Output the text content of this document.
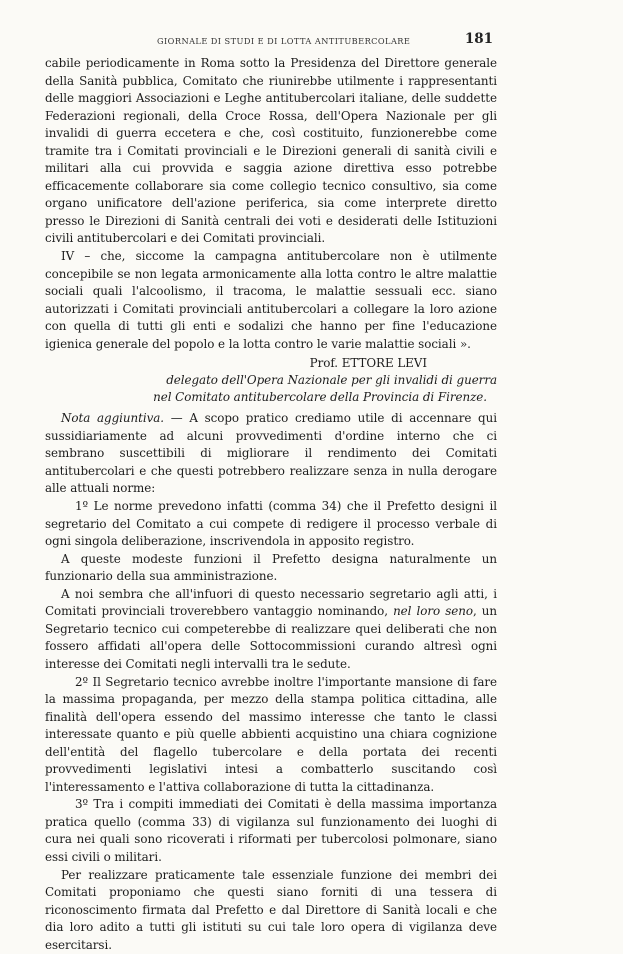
GIORNALE DI STUDI E DI LOTTA ANTITUBERCOLARE	181

cabile periodicamente in Roma sotto la Presidenza del Direttore generale della Sanità pubblica, Comitato che riunirebbe utilmente i rappresentanti delle maggiori Associazioni e Leghe antitubercolari italiane, delle suddette Federazioni regionali, della Croce Rossa, dell'Opera Nazionale per gli invalidi di guerra eccetera e che, così costituito, funzionerebbe come tramite tra i Comitati provinciali e le Direzioni generali di sanità civili e militari alla cui provvida e saggia azione direttiva esso potrebbe efficacemente collaborare sia come collegio tecnico consultivo, sia come organo unificatore dell'azione periferica, sia come interprete diretto presso le Direzioni di Sanità centrali dei voti e desiderati delle Istituzioni civili antitubercolari e dei Comitati provinciali.

IV – che, siccome la campagna antitubercolare non è utilmente concepibile se non legata armonicamente alla lotta contro le altre malattie sociali quali l'alcoolismo, il tracoma, le malattie sessuali ecc. siano autorizzati i Comitati provinciali antitubercolari a collegare la loro azione con quella di tutti gli enti e sodalizi che hanno per fine l'educazione igienica generale del popolo e la lotta contro le varie malattie sociali ».

Prof. ETTORE LEVI
delegato dell'Opera Nazionale per gli invalidi di guerra
nel Comitato antitubercolare della Provincia di Firenze.

Nota aggiuntiva. — A scopo pratico crediamo utile di accennare qui sussidiariamente ad alcuni provvedimenti d'ordine interno che ci sembrano suscettibili di migliorare il rendimento dei Comitati antitubercolari e che questi potrebbero realizzare senza in nulla derogare alle attuali norme:

1º Le norme prevedono infatti (comma 34) che il Prefetto designi il segretario del Comitato a cui compete di redigere il processo verbale di ogni singola deliberazione, inscrivendola in apposito registro.

A queste modeste funzioni il Prefetto designa naturalmente un funzionario della sua amministrazione.

A noi sembra che all'infuori di questo necessario segretario agli atti, i Comitati provinciali troverebbero vantaggio nominando, nel loro seno, un Segretario tecnico cui competerebbe di realizzare quei deliberati che non fossero affidati all'opera delle Sottocommissioni curando altresì ogni interesse dei Comitati negli intervalli tra le sedute.

2º Il Segretario tecnico avrebbe inoltre l'importante mansione di fare la massima propaganda, per mezzo della stampa politica cittadina, alle finalità dell'opera essendo del massimo interesse che tanto le classi interessate quanto e più quelle abbienti acquistino una chiara cognizione dell'entità del flagello tubercolare e della portata dei recenti provvedimenti legislativi intesi a combatterlo suscitando così l'interessamento e l'attiva collaborazione di tutta la cittadinanza.

3º Tra i compiti immediati dei Comitati è della massima importanza pratica quello (comma 33) di vigilanza sul funzionamento dei luoghi di cura nei quali sono ricoverati i riformati per tubercolosi polmonare, siano essi civili o militari.

Per realizzare praticamente tale essenziale funzione dei membri dei Comitati proponiamo che questi siano forniti di una tessera di riconoscimento firmata dal Prefetto e dal Direttore di Sanità locali e che dia loro adito a tutti gli istituti su cui tale loro opera di vigilanza deve esercitarsi.
